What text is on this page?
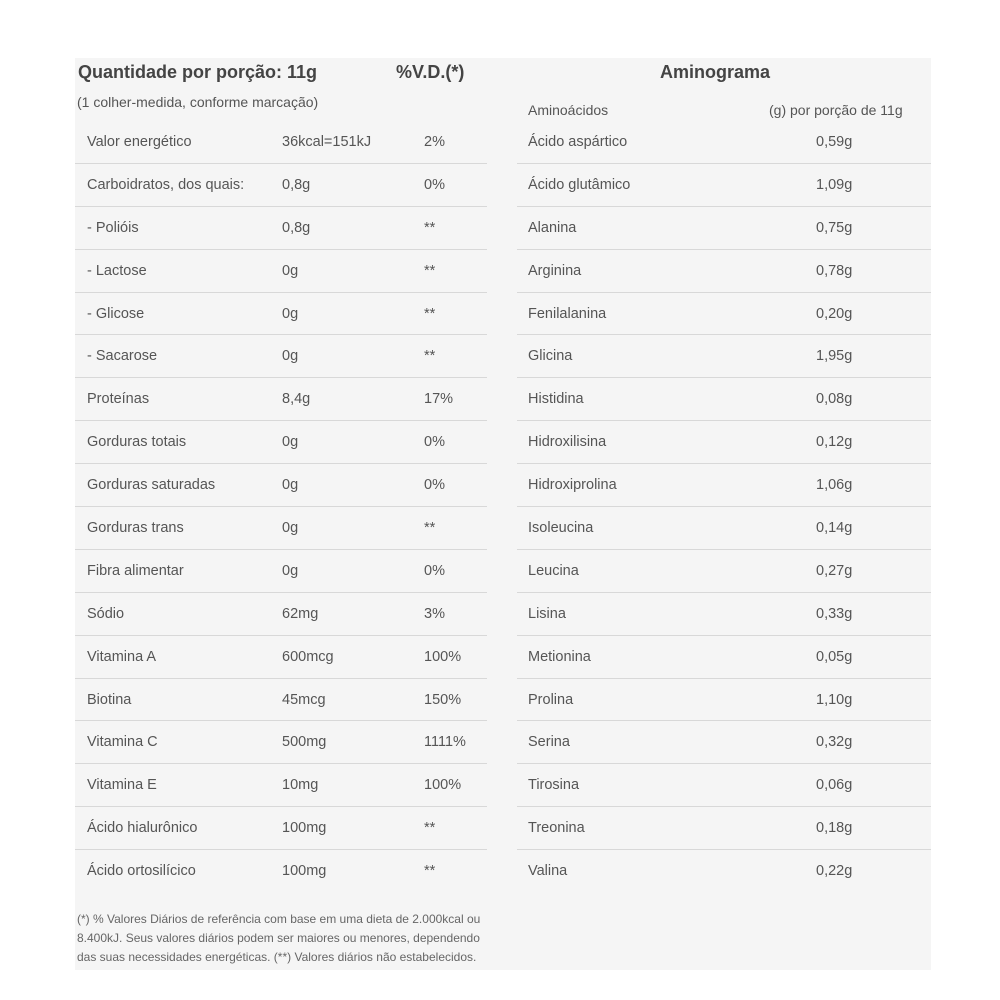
Quantidade por porção: 11g	%V.D.(*)
(1 colher-medida, conforme marcação)
Valor energético	36kcal=151kJ	2%
Carboidratos, dos quais:	0,8g	0%
- Polióis	0,8g	**
- Lactose	0g	**
- Glicose	0g	**
- Sacarose	0g	**
Proteínas	8,4g	17%
Gorduras totais	0g	0%
Gorduras saturadas	0g	0%
Gorduras trans	0g	**
Fibra alimentar	0g	0%
Sódio	62mg	3%
Vitamina A	600mcg	100%
Biotina	45mcg	150%
Vitamina C	500mg	1111%
Vitamina E	10mg	100%
Ácido hialurônico	100mg	**
Ácido ortosilícico	100mg	**
(*) % Valores Diários de referência com base em uma dieta de 2.000kcal ou 8.400kJ. Seus valores diários podem ser maiores ou menores, dependendo das suas necessidades energéticas. (**) Valores diários não estabelecidos.
Aminograma
Aminoácidos	(g) por porção de 11g
Ácido aspártico	0,59g
Ácido glutâmico	1,09g
Alanina	0,75g
Arginina	0,78g
Fenilalanina	0,20g
Glicina	1,95g
Histidina	0,08g
Hidroxilisina	0,12g
Hidroxiprolina	1,06g
Isoleucina	0,14g
Leucina	0,27g
Lisina	0,33g
Metionina	0,05g
Prolina	1,10g
Serina	0,32g
Tirosina	0,06g
Treonina	0,18g
Valina	0,22g
